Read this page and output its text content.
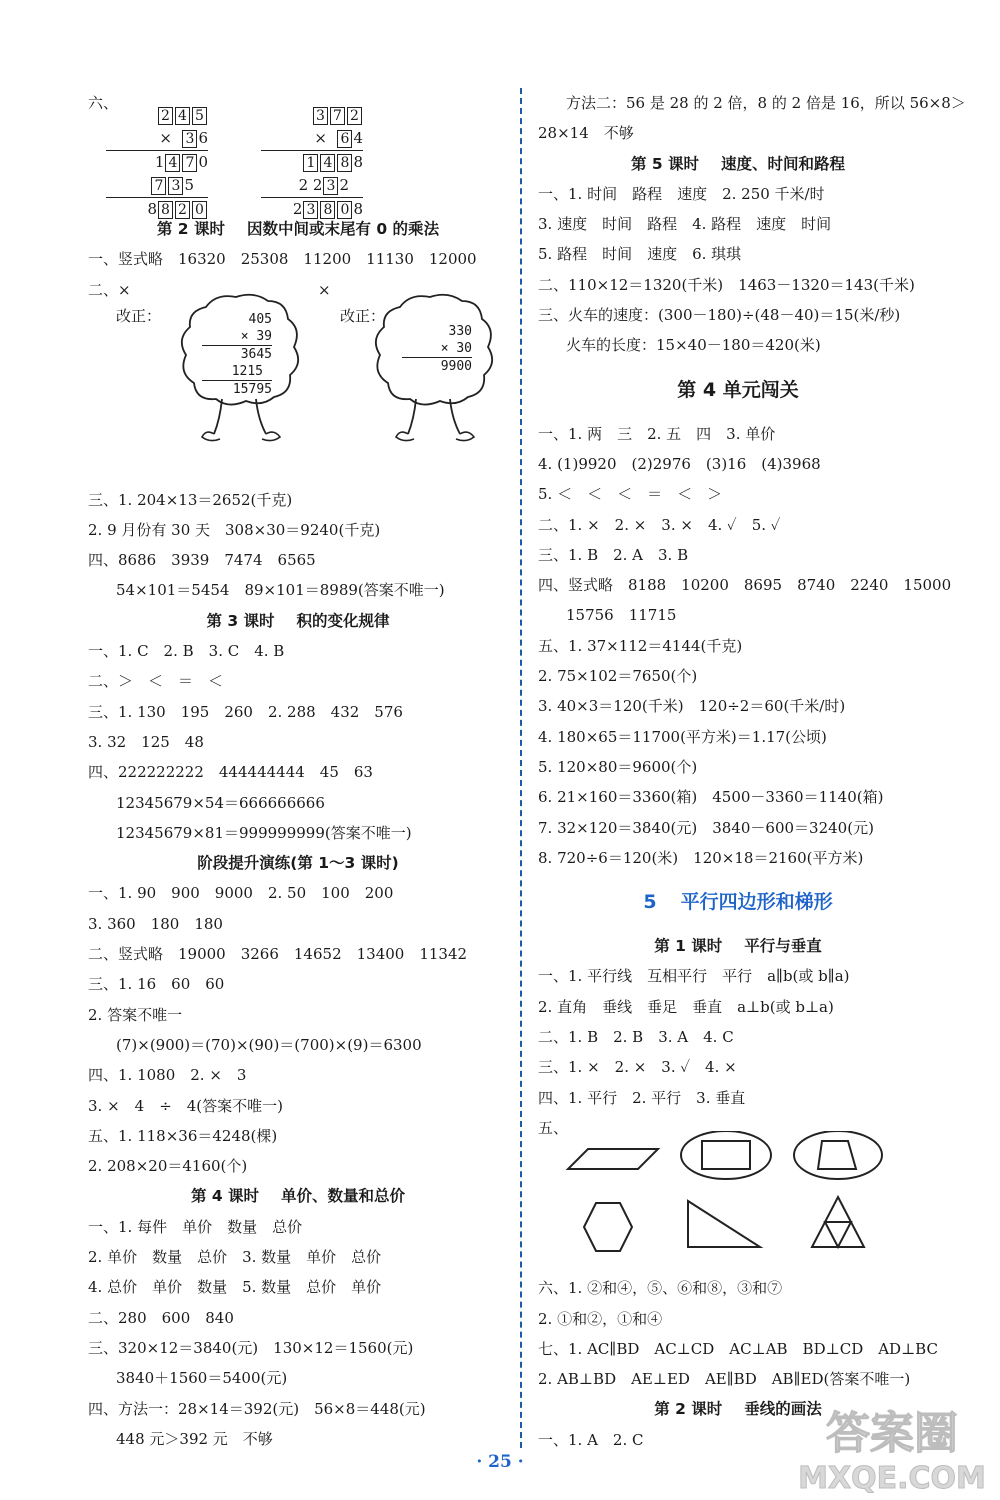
六、
2 4 5
×  3 6
1 4 7 0
7 3 5
8 8 2 0
3 7 2
×  6 4
1 4 8 8
2 2 3 2
2 3 8 0 8
第 2 课时 因数中间或末尾有 0 的乘法
一、竖式略　16320　25308　11200　11130　12000
二、×	×
改正：	改正：
405
× 39
3645
1215
15795
330
× 30
9900
三、1. 204×13＝2652(千克)
2. 9 月份有 30 天　308×30＝9240(千克)
四、8686　3939　7474　6565
54×101＝5454　89×101＝8989(答案不唯一)
第 3 课时 积的变化规律
一、1. C　2. B　3. C　4. B
二、＞　＜　＝　＜
三、1. 130　195　260　2. 288　432　576
3. 32　125　48
四、222222222　444444444　45　63
12345679×54＝666666666
12345679×81＝999999999(答案不唯一)
阶段提升演练(第 1～3 课时)
一、1. 90　900　9000　2. 50　100　200
3. 360　180　180
二、竖式略　19000　3266　14652　13400　11342
三、1. 16　60　60
2. 答案不唯一
(7)×(900)＝(70)×(90)＝(700)×(9)＝6300
四、1. 1080　2. ×　3
3. ×　4　÷　4(答案不唯一)
五、1. 118×36＝4248(棵)
2. 208×20＝4160(个)
第 4 课时 单价、数量和总价
一、1. 每件　单价　数量　总价
2. 单价　数量　总价　3. 数量　单价　总价
4. 总价　单价　数量　5. 数量　总价　单价
二、280　600　840
三、320×12＝3840(元)　130×12＝1560(元)
3840＋1560＝5400(元)
四、方法一：28×14＝392(元)　56×8＝448(元)
448 元＞392 元　不够
方法二：56 是 28 的 2 倍，8 的 2 倍是 16，所以 56×8＞
28×14　不够
第 5 课时 速度、时间和路程
一、1. 时间　路程　速度　2. 250 千米/时
3. 速度　时间　路程　4. 路程　速度　时间
5. 路程　时间　速度　6. 琪琪
二、110×12＝1320(千米)　1463－1320＝143(千米)
三、火车的速度：(300－180)÷(48－40)＝15(米/秒)
火车的长度：15×40－180＝420(米)
第 4 单元闯关
一、1. 两　三　2. 五　四　3. 单价
4. (1)9920　(2)2976　(3)16　(4)3968
5. ＜　＜　＜　＝　＜　＞
二、1. ×　2. ×　3. ×　4. ✓　5. ✓
三、1. B　2. A　3. B
四、竖式略　8188　10200　8695　8740　2240　15000
15756　11715
五、1. 37×112＝4144(千克)
2. 75×102＝7650(个)
3. 40×3＝120(千米)　120÷2＝60(千米/时)
4. 180×65＝11700(平方米)＝1.17(公顷)
5. 120×80＝9600(个)
6. 21×160＝3360(箱)　4500－3360＝1140(箱)
7. 32×120＝3840(元)　3840－600＝3240(元)
8. 720÷6＝120(米)　120×18＝2160(平方米)
5 平行四边形和梯形
第 1 课时 平行与垂直
一、1. 平行线　互相平行　平行　a∥b(或 b∥a)
2. 直角　垂线　垂足　垂直　a⊥b(或 b⊥a)
二、1. B　2. B　3. A　4. C
三、1. ×　2. ×　3. ✓　4. ×
四、1. 平行　2. 平行　3. 垂直
五、
六、1. ②和④，⑤、⑥和⑧，③和⑦
2. ①和②，①和④
七、1. AC∥BD　AC⊥CD　AC⊥AB　BD⊥CD　AD⊥BC
2. AB⊥BD　AE⊥ED　AE∥BD　AB∥ED(答案不唯一)
第 2 课时 垂线的画法
一、1. A　2. C
· 25 ·
答案圈
MXQE.COM
